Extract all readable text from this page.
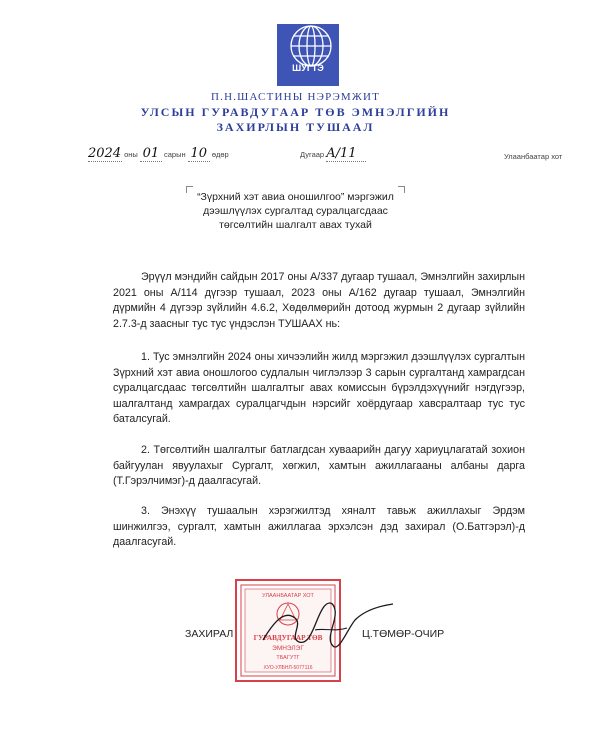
ШУГТЭ
П.Н.ШАСТИНЫ НЭРЭМЖИТ
УЛСЫН ГУРАВДУГААР ТӨВ ЭМНЭЛГИЙН
ЗАХИРЛЫН ТУШААЛ
2024 оны 01 сарын 10 өдөр	Дугаар A/11	Улаанбаатар хот
“Зүрхний хэт авиа оношилгоо” мэргэжил
дээшлүүлэх сургалтад суралцагсдаас
төгсөлтийн шалгалт авах тухай
Эрүүл мэндийн сайдын 2017 оны А/337 дугаар тушаал, Эмнэлгийн захирлын 2021 оны А/114 дүгээр тушаал, 2023 оны А/162 дугаар тушаал, Эмнэлгийн дүрмийн 4 дүгээр зүйлийн 4.6.2, Хөдөлмөрийн дотоод журмын 2 дугаар зүйлийн 2.7.3-д заасныг тус тус үндэслэн ТУШААХ нь:
1. Тус эмнэлгийн 2024 оны хичээлийн жилд мэргэжил дээшлүүлэх сургалтын Зүрхний хэт авиа оношлогоо судлалын чиглэлээр 3 сарын сургалтанд хамрагдсан суралцагсдаас төгсөлтийн шалгалтыг авах комиссын бүрэлдэхүүнийг нэгдүгээр, шалгалтанд хамрагдах суралцагчдын нэрсийг хоёрдугаар хавсралтаар тус тус баталсугай.
2. Төгсөлтийн шалгалтыг батлагдсан хуваарийн дагуу хариуцлагатай зохион байгуулан явуулахыг Сургалт, хөгжил, хамтын ажиллагааны албаны дарга (Т.Гэрэлчимэг)-д даалгасугай.
3. Энэхүү тушаалын хэрэгжилтэд хяналт тавьж ажиллахыг Эрдэм шинжилгээ, сургалт, хамтын ажиллагаа эрхэлсэн дэд захирал (О.Батгэрэл)-д даалгасугай.
УЛААНБААТАР ХОТ
ГУРАВДУГААР ТӨВ
ЭМНЭЛЭГ
ТБАГУТГ
ХУО-УЛБНЛ-5077116
ЗАХИРАЛ	Ц.ТӨМӨР-ОЧИР
